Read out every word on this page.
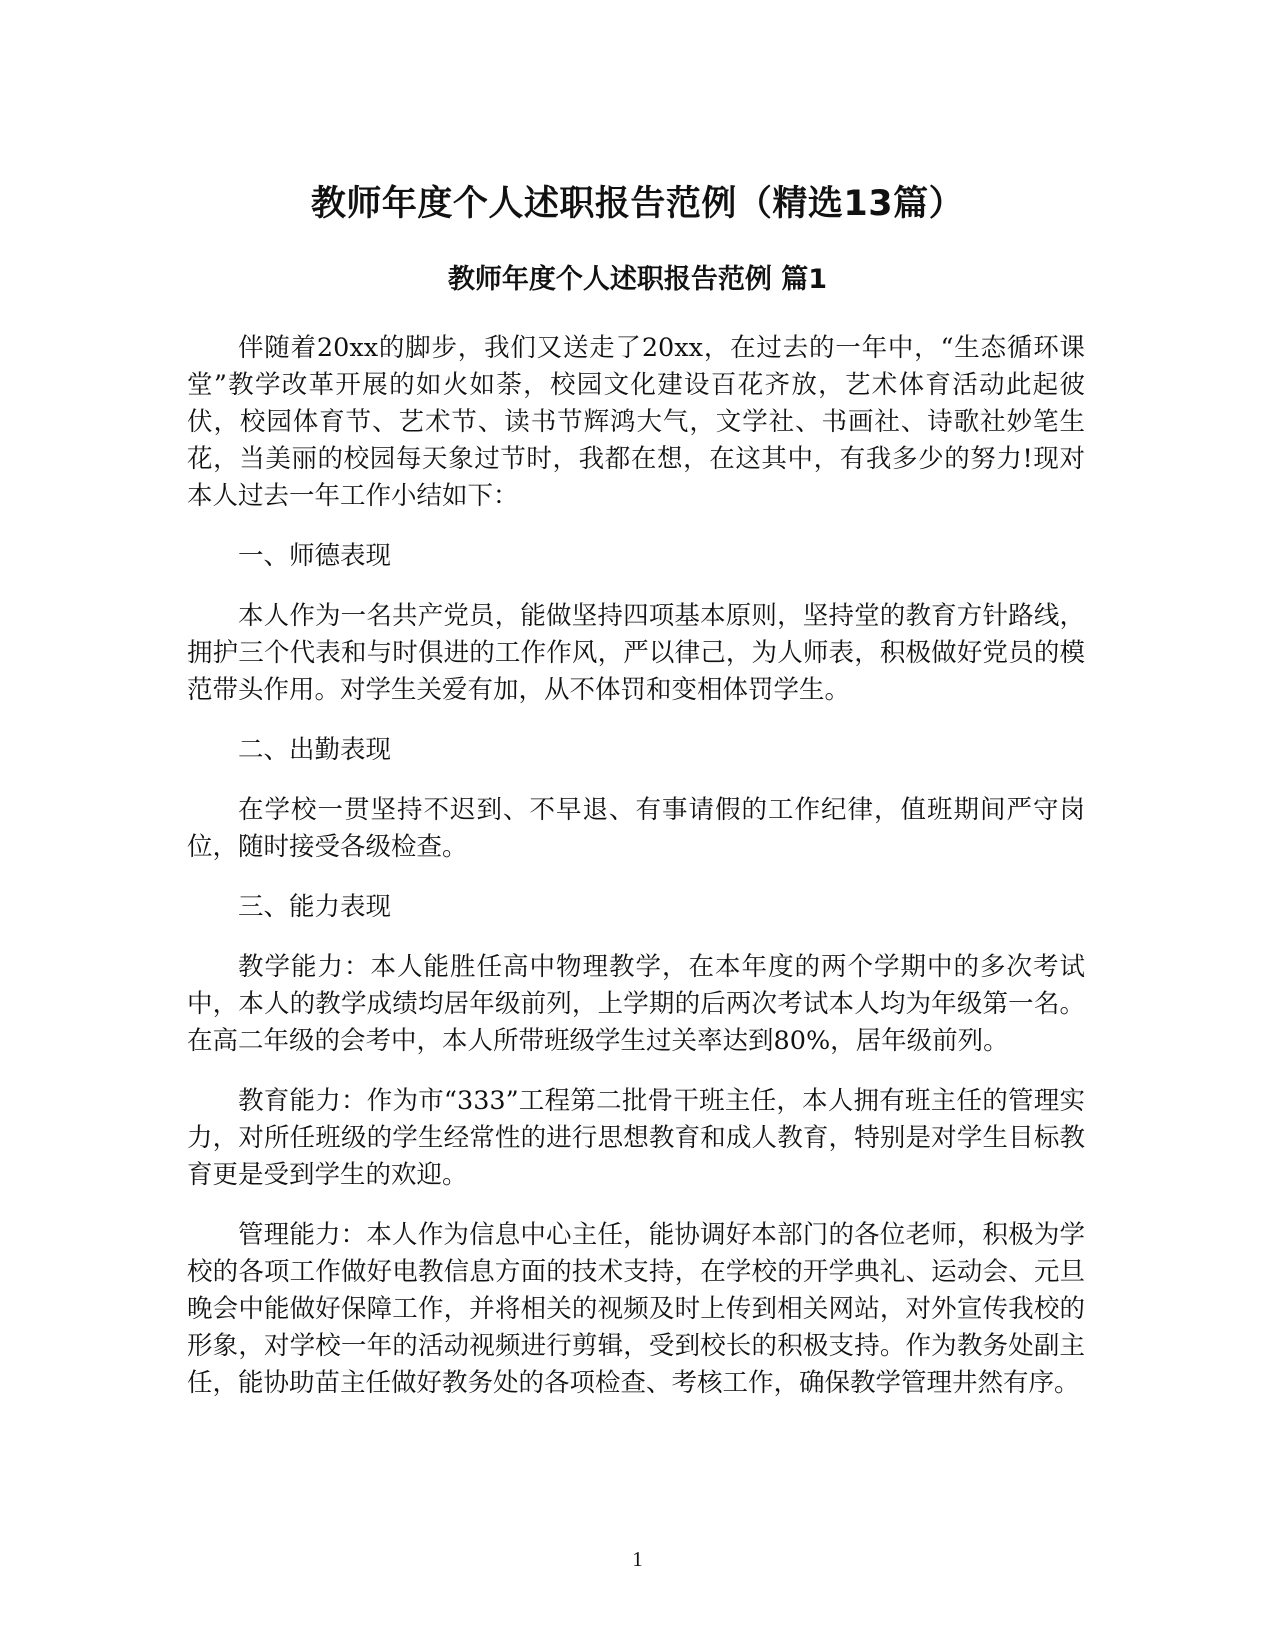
教师年度个人述职报告范例（精选13篇）
教师年度个人述职报告范例 篇1

伴随着20xx的脚步，我们又送走了20xx，在过去的一年中，“生态循环课堂”教学改革开展的如火如荼，校园文化建设百花齐放，艺术体育活动此起彼伏，校园体育节、艺术节、读书节辉鸿大气，文学社、书画社、诗歌社妙笔生花，当美丽的校园每天象过节时，我都在想，在这其中，有我多少的努力!现对本人过去一年工作小结如下：

一、师德表现

本人作为一名共产党员，能做坚持四项基本原则，坚持堂的教育方针路线，拥护三个代表和与时俱进的工作作风，严以律己，为人师表，积极做好党员的模范带头作用。对学生关爱有加，从不体罚和变相体罚学生。

二、出勤表现

在学校一贯坚持不迟到、不早退、有事请假的工作纪律，值班期间严守岗位，随时接受各级检查。

三、能力表现

教学能力：本人能胜任高中物理教学，在本年度的两个学期中的多次考试中，本人的教学成绩均居年级前列，上学期的后两次考试本人均为年级第一名。在高二年级的会考中，本人所带班级学生过关率达到80%，居年级前列。

教育能力：作为市“333”工程第二批骨干班主任，本人拥有班主任的管理实力，对所任班级的学生经常性的进行思想教育和成人教育，特别是对学生目标教育更是受到学生的欢迎。

管理能力：本人作为信息中心主任，能协调好本部门的各位老师，积极为学校的各项工作做好电教信息方面的技术支持，在学校的开学典礼、运动会、元旦晚会中能做好保障工作，并将相关的视频及时上传到相关网站，对外宣传我校的形象，对学校一年的活动视频进行剪辑，受到校长的积极支持。作为教务处副主任，能协助苗主任做好教务处的各项检查、考核工作，确保教学管理井然有序。

1
